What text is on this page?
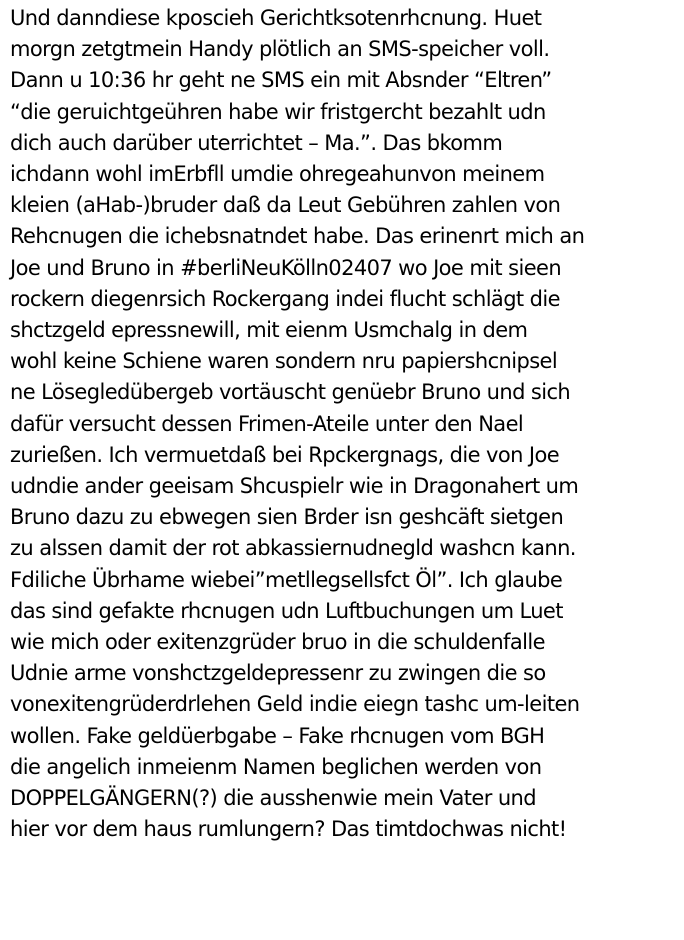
Und danndiese kposcieh Gerichtksotenrhcnung. Huet
morgn zetgtmein Handy plötlich an SMS-speicher voll.
Dann u 10:36 hr geht ne SMS ein mit Absnder “Eltren”
“die geruichtgeühren habe wir fristgercht bezahlt udn
dich auch darüber uterrichtet – Ma.”. Das bkomm
ichdann wohl imErbfll umdie ohregeahunvon meinem
kleien (aHab-)bruder daß da Leut Gebühren zahlen von
Rehcnugen die ichebsnatndet habe. Das erinenrt mich an
Joe und Bruno in #berliNeuKölln02407 wo Joe mit sieen
rockern diegenrsich Rockergang indei flucht schlägt die
shctzgeld epressnewill, mit eienm Usmchalg in dem
wohl keine Schiene waren sondern nru papiershcnipsel
ne Lösegledübergeb vortäuscht genüebr Bruno und sich
dafür versucht dessen Frimen-Ateile unter den Nael
zurießen. Ich vermuetdaß bei Rpckergnags, die von Joe
udndie ander geeisam Shcuspielr wie in Dragonahert um
Bruno dazu zu ebwegen sien Brder isn geshcäft sietgen
zu alssen damit der rot abkassiernudnegld washcn kann.
Fdiliche Übrhame wiebei”metllegsellsfct Öl”. Ich glaube
das sind gefakte rhcnugen udn Luftbuchungen um Luet
wie mich oder exitenzgrüder bruo in die schuldenfalle
Udnie arme vonshctzgeldepressenr zu zwingen die so
vonexitengrüderdrlehen Geld indie eiegn tashc um-leiten
wollen. Fake geldüerbgabe – Fake rhcnugen vom BGH
die angelich inmeienm Namen beglichen werden von
DOPPELGÄNGERN(?) die ausshenwie mein Vater und
hier vor dem haus rumlungern? Das timtdochwas nicht!
